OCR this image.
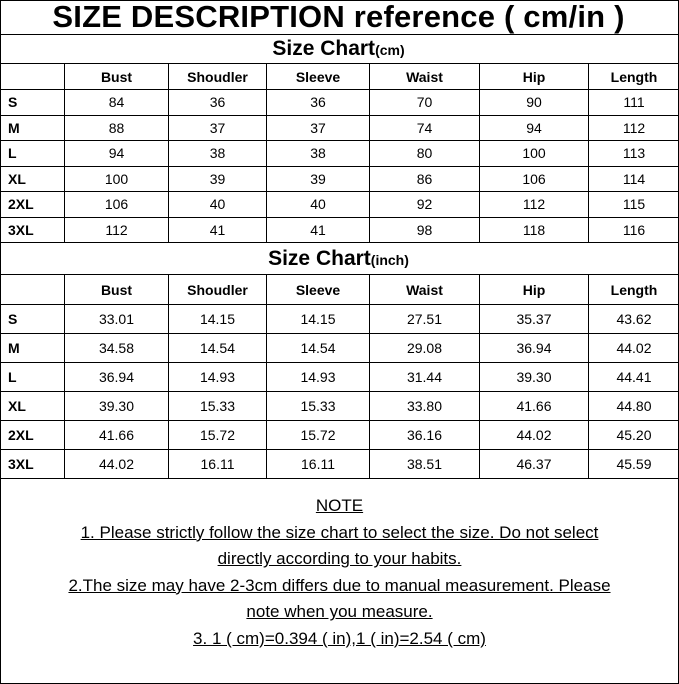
SIZE DESCRIPTION reference ( cm/in )
Size Chart(cm)
	Bust	Shoudler	Sleeve	Waist	Hip	Length
S	84	36	36	70	90	111
M	88	37	37	74	94	112
L	94	38	38	80	100	113
XL	100	39	39	86	106	114
2XL	106	40	40	92	112	115
3XL	112	41	41	98	118	116
Size Chart(inch)
	Bust	Shoudler	Sleeve	Waist	Hip	Length
S	33.01	14.15	14.15	27.51	35.37	43.62
M	34.58	14.54	14.54	29.08	36.94	44.02
L	36.94	14.93	14.93	31.44	39.30	44.41
XL	39.30	15.33	15.33	33.80	41.66	44.80
2XL	41.66	15.72	15.72	36.16	44.02	45.20
3XL	44.02	16.11	16.11	38.51	46.37	45.59

NOTE

1. Please strictly follow the size chart to select the size. Do not select

directly according to your habits.

2.The size may have 2-3cm differs due to manual measurement. Please

note when you measure.

3. 1 ( cm)=0.394 ( in),1 ( in)=2.54 ( cm)
